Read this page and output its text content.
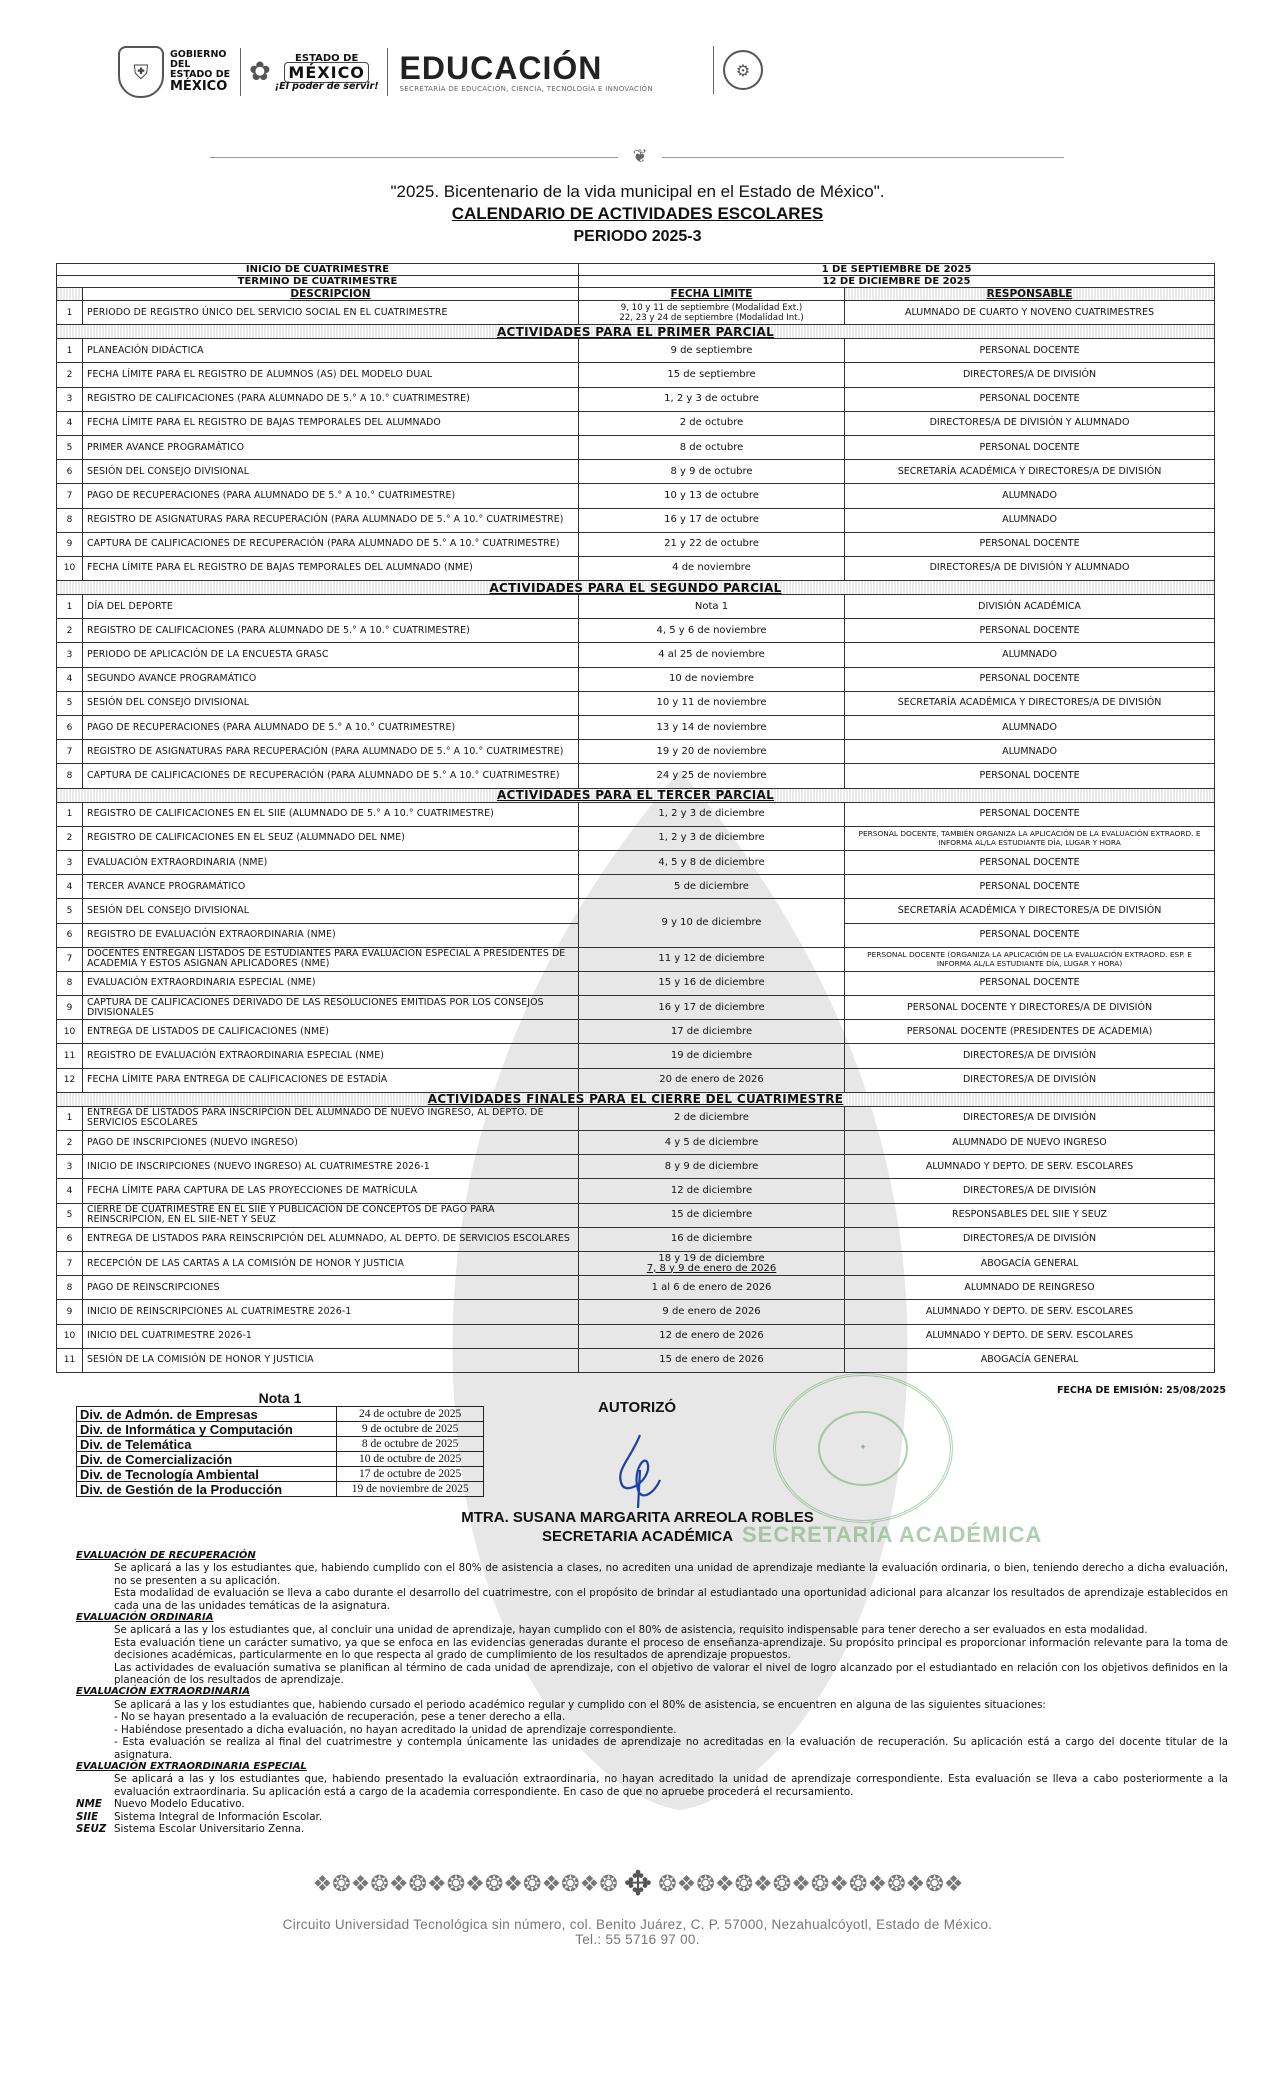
⛨
GOBIERNO DEL
ESTADO DE
MÉXICO ✿	ESTADO DE
MÉXICO
¡El poder de servir! EDUCACIÓN
SECRETARÍA DE EDUCACIÓN, CIENCIA, TECNOLOGÍA E INNOVACIÓN
⚙
❦
"2025. Bicentenario de la vida municipal en el Estado de México".
CALENDARIO DE ACTIVIDADES ESCOLARES
PERIODO 2025-3
INICIO DE CUATRIMESTRE		1 DE SEPTIEMBRE DE 2025	
TÉRMINO DE CUATRIMESTRE		12 DE DICIEMBRE DE 2025	
	DESCRIPCIÓN	FECHA LÍMITE	RESPONSABLE
1	PERIODO DE REGISTRO ÚNICO DEL SERVICIO SOCIAL EN EL CUATRIMESTRE	9, 10 y 11 de septiembre (Modalidad Ext.)
22, 23 y 24 de septiembre (Modalidad Int.)	ALUMNADO DE CUARTO Y NOVENO CUATRIMESTRES
ACTIVIDADES PARA EL PRIMER PARCIAL			
1	PLANEACIÓN DIDÁCTICA	9 de septiembre	PERSONAL DOCENTE
2	FECHA LÍMITE PARA EL REGISTRO DE ALUMNOS (AS) DEL MODELO DUAL	15 de septiembre	DIRECTORES/A DE DIVISIÓN
3	REGISTRO DE CALIFICACIONES (PARA ALUMNADO DE 5.° A 10.° CUATRIMESTRE)	1, 2 y 3 de octubre	PERSONAL DOCENTE
4	FECHA LÍMITE PARA EL REGISTRO DE BAJAS TEMPORALES DEL ALUMNADO	2 de octubre	DIRECTORES/A DE DIVISIÓN Y ALUMNADO
5	PRIMER AVANCE PROGRAMÁTICO	8 de octubre	PERSONAL DOCENTE
6	SESIÓN DEL CONSEJO DIVISIONAL	8 y 9 de octubre	SECRETARÍA ACADÉMICA Y DIRECTORES/A DE DIVISIÓN
7	PAGO DE RECUPERACIONES (PARA ALUMNADO DE 5.° A 10.° CUATRIMESTRE)	10 y 13 de octubre	ALUMNADO
8	REGISTRO DE ASIGNATURAS PARA RECUPERACIÓN (PARA ALUMNADO DE 5.° A 10.° CUATRIMESTRE)	16 y 17 de octubre	ALUMNADO
9	CAPTURA DE CALIFICACIONES DE RECUPERACIÓN (PARA ALUMNADO DE 5.° A 10.° CUATRIMESTRE)	21 y 22 de octubre	PERSONAL DOCENTE
10	FECHA LÍMITE PARA EL REGISTRO DE BAJAS TEMPORALES DEL ALUMNADO (NME)	4 de noviembre	DIRECTORES/A DE DIVISIÓN Y ALUMNADO
ACTIVIDADES PARA EL SEGUNDO PARCIAL			
1	DÍA DEL DEPORTE	Nota 1	DIVISIÓN ACADÉMICA
2	REGISTRO DE CALIFICACIONES (PARA ALUMNADO DE 5.° A 10.° CUATRIMESTRE)	4, 5 y 6 de noviembre	PERSONAL DOCENTE
3	PERIODO DE APLICACIÓN DE LA ENCUESTA GRASC	4 al 25 de noviembre	ALUMNADO
4	SEGUNDO AVANCE PROGRAMÁTICO	10 de noviembre	PERSONAL DOCENTE
5	SESIÓN DEL CONSEJO DIVISIONAL	10 y 11 de noviembre	SECRETARÍA ACADÉMICA Y DIRECTORES/A DE DIVISIÓN
6	PAGO DE RECUPERACIONES (PARA ALUMNADO DE 5.° A 10.° CUATRIMESTRE)	13 y 14 de noviembre	ALUMNADO
7	REGISTRO DE ASIGNATURAS PARA RECUPERACIÓN (PARA ALUMNADO DE 5.° A 10.° CUATRIMESTRE)	19 y 20 de noviembre	ALUMNADO
8	CAPTURA DE CALIFICACIONES DE RECUPERACIÓN (PARA ALUMNADO DE 5.° A 10.° CUATRIMESTRE)	24 y 25 de noviembre	PERSONAL DOCENTE
ACTIVIDADES PARA EL TERCER PARCIAL			
1	REGISTRO DE CALIFICACIONES EN EL SIIE (ALUMNADO DE 5.° A 10.° CUATRIMESTRE)	1, 2 y 3 de diciembre	PERSONAL DOCENTE
2	REGISTRO DE CALIFICACIONES EN EL SEUZ (ALUMNADO DEL NME)	1, 2 y 3 de diciembre	PERSONAL DOCENTE, TAMBIÉN ORGANIZA LA APLICACIÓN DE LA EVALUACIÓN EXTRAORD. E INFORMA AL/LA ESTUDIANTE DÍA, LUGAR Y HORA
3	EVALUACIÓN EXTRAORDINARIA (NME)	4, 5 y 8 de diciembre	PERSONAL DOCENTE
4	TERCER AVANCE PROGRAMÁTICO	5 de diciembre	PERSONAL DOCENTE
5	SESIÓN DEL CONSEJO DIVISIONAL	9 y 10 de diciembre	SECRETARÍA ACADÉMICA Y DIRECTORES/A DE DIVISIÓN
6	REGISTRO DE EVALUACIÓN EXTRAORDINARIA (NME)		PERSONAL DOCENTE
7	DOCENTES ENTREGAN LISTADOS DE ESTUDIANTES PARA EVALUACIÓN ESPECIAL A PRESIDENTES DE ACADEMIA Y ESTOS ASIGNAN APLICADORES (NME)	11 y 12 de diciembre	PERSONAL DOCENTE (ORGANIZA LA APLICACIÓN DE LA EVALUACIÓN EXTRAORD. ESP. E INFORMA AL/LA ESTUDIANTE DÍA, LUGAR Y HORA)
8	EVALUACIÓN EXTRAORDINARIA ESPECIAL (NME)	15 y 16 de diciembre	PERSONAL DOCENTE
9	CAPTURA DE CALIFICACIONES DERIVADO DE LAS RESOLUCIONES EMITIDAS POR LOS CONSEJOS DIVISIONALES	16 y 17 de diciembre	PERSONAL DOCENTE Y DIRECTORES/A DE DIVISIÓN
10	ENTREGA DE LISTADOS DE CALIFICACIONES (NME)	17 de diciembre	PERSONAL DOCENTE (PRESIDENTES DE ACADEMIA)
11	REGISTRO DE EVALUACIÓN EXTRAORDINARIA ESPECIAL (NME)	19 de diciembre	DIRECTORES/A DE DIVISIÓN
12	FECHA LÍMITE PARA ENTREGA DE CALIFICACIONES DE ESTADÍA	20 de enero de 2026	DIRECTORES/A DE DIVISIÓN
ACTIVIDADES FINALES PARA EL CIERRE DEL CUATRIMESTRE			
1	ENTREGA DE LISTADOS PARA INSCRIPCIÓN DEL ALUMNADO DE NUEVO INGRESO, AL DEPTO. DE SERVICIOS ESCOLARES	2 de diciembre	DIRECTORES/A DE DIVISIÓN
2	PAGO DE INSCRIPCIONES (NUEVO INGRESO)	4 y 5 de diciembre	ALUMNADO DE NUEVO INGRESO
3	INICIO DE INSCRIPCIONES (NUEVO INGRESO) AL CUATRIMESTRE 2026-1	8 y 9 de diciembre	ALUMNADO Y DEPTO. DE SERV. ESCOLARES
4	FECHA LÍMITE PARA CAPTURA DE LAS PROYECCIONES DE MATRÍCULA	12 de diciembre	DIRECTORES/A DE DIVISIÓN
5	CIERRE DE CUATRIMESTRE EN EL SIIE Y PUBLICACIÓN DE CONCEPTOS DE PAGO PARA REINSCRIPCIÓN, EN EL SIIE-NET Y SEUZ	15 de diciembre	RESPONSABLES DEL SIIE Y SEUZ
6	ENTREGA DE LISTADOS PARA REINSCRIPCIÓN DEL ALUMNADO, AL DEPTO. DE SERVICIOS ESCOLARES	16 de diciembre	DIRECTORES/A DE DIVISIÓN
7	RECEPCIÓN DE LAS CARTAS A LA COMISIÓN DE HONOR Y JUSTICIA	18 y 19 de diciembre
7, 8 y 9 de enero de 2026	ABOGACÍA GENERAL
8	PAGO DE REINSCRIPCIONES	1 al 6 de enero de 2026	ALUMNADO DE REINGRESO
9	INICIO DE REINSCRIPCIONES AL CUATRIMESTRE 2026-1	9 de enero de 2026	ALUMNADO Y DEPTO. DE SERV. ESCOLARES
10	INICIO DEL CUATRIMESTRE 2026-1	12 de enero de 2026	ALUMNADO Y DEPTO. DE SERV. ESCOLARES
11	SESIÓN DE LA COMISIÓN DE HONOR Y JUSTICIA	15 de enero de 2026	ABOGACÍA GENERAL
FECHA DE EMISIÓN: 25/08/2025
Nota 1
Div. de Admón. de Empresas	24 de octubre de 2025
Div. de Informática y Computación	9 de octubre de 2025
Div. de Telemática	8 de octubre de 2025
Div. de Comercialización	10 de octubre de 2025
Div. de Tecnología Ambiental	17 de octubre de 2025
Div. de Gestión de la Producción	19 de noviembre de 2025
AUTORIZÓ
✦
SECRETARÍA ACADÉMICA
MTRA. SUSANA MARGARITA ARREOLA ROBLES
SECRETARIA ACADÉMICA
EVALUACIÓN DE RECUPERACIÓN
Se aplicará a las y los estudiantes que, habiendo cumplido con el 80% de asistencia a clases, no acrediten una unidad de aprendizaje mediante la evaluación ordinaria, o bien, teniendo derecho a dicha evaluación, no se presenten a su aplicación.
Esta modalidad de evaluación se lleva a cabo durante el desarrollo del cuatrimestre, con el propósito de brindar al estudiantado una oportunidad adicional para alcanzar los resultados de aprendizaje establecidos en cada una de las unidades temáticas de la asignatura.
EVALUACIÓN ORDINARIA
Se aplicará a las y los estudiantes que, al concluir una unidad de aprendizaje, hayan cumplido con el 80% de asistencia, requisito indispensable para tener derecho a ser evaluados en esta modalidad.
Esta evaluación tiene un carácter sumativo, ya que se enfoca en las evidencias generadas durante el proceso de enseñanza-aprendizaje. Su propósito principal es proporcionar información relevante para la toma de decisiones académicas, particularmente en lo que respecta al grado de cumplimiento de los resultados de aprendizaje propuestos.
Las actividades de evaluación sumativa se planifican al término de cada unidad de aprendizaje, con el objetivo de valorar el nivel de logro alcanzado por el estudiantado en relación con los objetivos definidos en la planeación de los resultados de aprendizaje.
EVALUACIÓN EXTRAORDINARIA
Se aplicará a las y los estudiantes que, habiendo cursado el periodo académico regular y cumplido con el 80% de asistencia, se encuentren en alguna de las siguientes situaciones:
- No se hayan presentado a la evaluación de recuperación, pese a tener derecho a ella.
- Habiéndose presentado a dicha evaluación, no hayan acreditado la unidad de aprendizaje correspondiente.
- Esta evaluación se realiza al final del cuatrimestre y contempla únicamente las unidades de aprendizaje no acreditadas en la evaluación de recuperación. Su aplicación está a cargo del docente titular de la asignatura.
EVALUACIÓN EXTRAORDINARIA ESPECIAL
Se aplicará a las y los estudiantes que, habiendo presentado la evaluación extraordinaria, no hayan acreditado la unidad de aprendizaje correspondiente. Esta evaluación se lleva a cabo posteriormente a la evaluación extraordinaria. Su aplicación está a cargo de la academia correspondiente. En caso de que no apruebe procederá el recursamiento.
NME	Nuevo Modelo Educativo.
SIIE	Sistema Integral de Información Escolar.
SEUZ Sistema Escolar Universitario Zenna.
❖❂❖❂❖❂❖❂❖❂❖❂❖❂❖❂ ✥ ❂❖❂❖❂❖❂❖❂❖❂❖❂❖❂❖
Circuito Universidad Tecnológica sin número, col. Benito Juárez, C. P. 57000, Nezahualcóyotl, Estado de México.
Tel.: 55 5716 97 00.
